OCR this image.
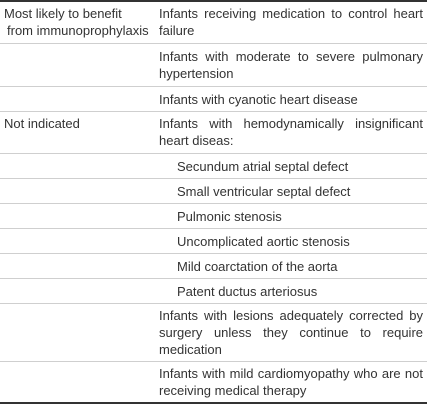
Most likely to benefit
from immunoprophylaxis
Infants receiving medication to control heart failure
Infants with moderate to severe pulmonary hypertension
Infants with cyanotic heart disease
Not indicated	Infants with hemodynamically insignificant heart diseas:
Secundum atrial septal defect
Small ventricular septal defect
Pulmonic stenosis
Uncomplicated aortic stenosis
Mild coarctation of the aorta
Patent ductus arteriosus
Infants with lesions adequately corrected by surgery unless they continue to require medication
Infants with mild cardiomyopathy who are not receiving medical therapy
